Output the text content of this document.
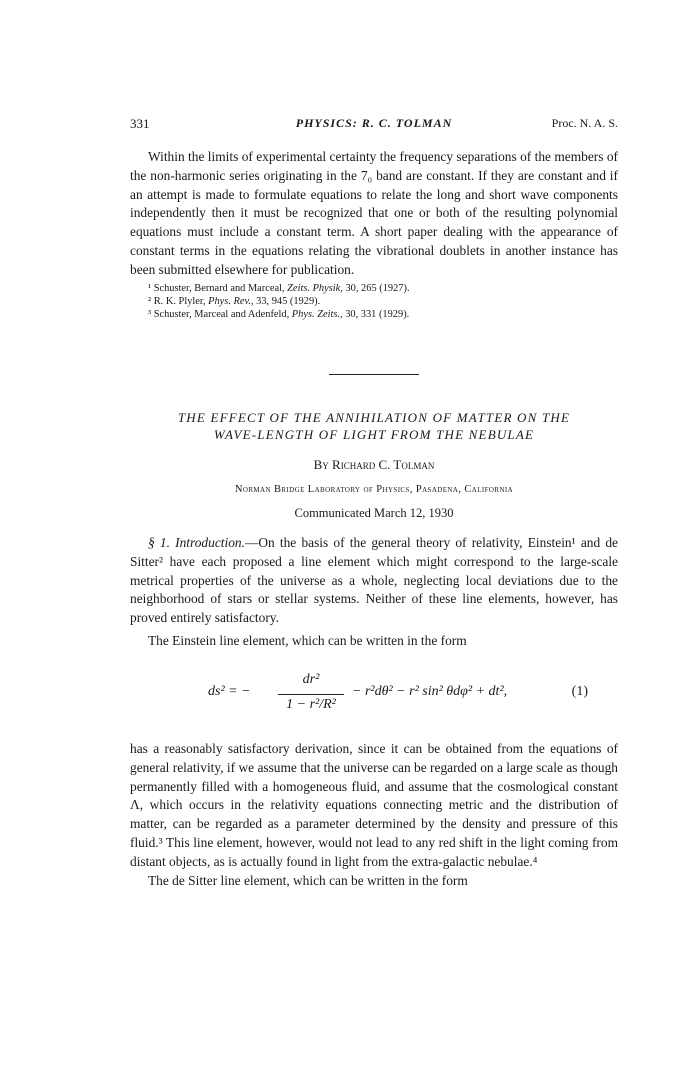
331	PHYSICS: R. C. TOLMAN	Proc. N. A. S.

Within the limits of experimental certainty the frequency separations of the members of the non-harmonic series originating in the 7₀ band are constant. If they are constant and if an attempt is made to formulate equations to relate the long and short wave components independently then it must be recognized that one or both of the resulting polynomial equations must include a constant term. A short paper dealing with the appearance of constant terms in the equations relating the vibrational doublets in another instance has been submitted elsewhere for publication.

¹ Schuster, Bernard and Marceal, Zeits. Physik, 30, 265 (1927).

² R. K. Plyler, Phys. Rev., 33, 945 (1929).

³ Schuster, Marceal and Adenfeld, Phys. Zeits., 30, 331 (1929).

THE EFFECT OF THE ANNIHILATION OF MATTER ON THE
WAVE-LENGTH OF LIGHT FROM THE NEBULAE

By Richard C. Tolman

Norman Bridge Laboratory of Physics, Pasadena, California

Communicated March 12, 1930

§ 1. Introduction.—On the basis of the general theory of relativity, Einstein¹ and de Sitter² have each proposed a line element which might correspond to the large-scale metrical properties of the universe as a whole, neglecting local deviations due to the neighborhood of stars or stellar systems. Neither of these line elements, however, has proved entirely satisfactory.

The Einstein line element, which can be written in the form

ds² = −
dr²
1 − r²/R²
− r²dθ² − r² sin² θdφ² + dt²,	(1)

has a reasonably satisfactory derivation, since it can be obtained from the equations of general relativity, if we assume that the universe can be regarded on a large scale as though permanently filled with a homogeneous fluid, and assume that the cosmological constant Λ, which occurs in the relativity equations connecting metric and the distribution of matter, can be regarded as a parameter determined by the density and pressure of this fluid.³ This line element, however, would not lead to any red shift in the light coming from distant objects, as is actually found in light from the extra-galactic nebulae.⁴

The de Sitter line element, which can be written in the form
